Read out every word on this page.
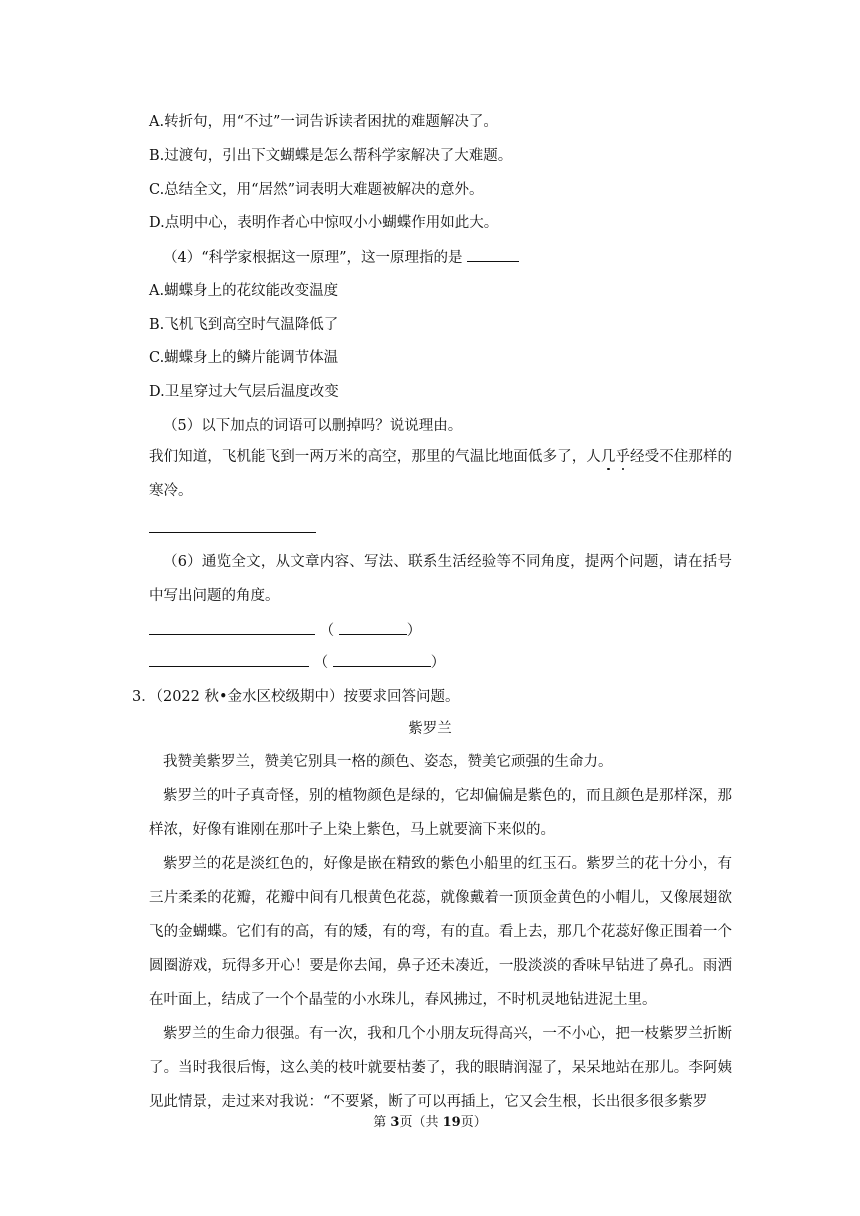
A.转折句，用“不过”一词告诉读者困扰的难题解决了。
B.过渡句，引出下文蝴蝶是怎么帮科学家解决了大难题。
C.总结全文，用“居然”词表明大难题被解决的意外。
D.点明中心，表明作者心中惊叹小小蝴蝶作用如此大。
（4）“科学家根据这一原理”，这一原理指的是
A.蝴蝶身上的花纹能改变温度
B.飞机飞到高空时气温降低了
C.蝴蝶身上的鳞片能调节体温
D.卫星穿过大气层后温度改变
（5）以下加点的词语可以删掉吗？说说理由。
我们知道，飞机能飞到一两万米的高空，那里的气温比地面低多了，人几乎经受不住那样的寒冷。
（6）通览全文，从文章内容、写法、联系生活经验等不同角度，提两个问题，请在括号中写出问题的角度。
（	）
（	）
3．（2022 秋•金水区校级期中）按要求回答问题。
紫罗兰
我赞美紫罗兰，赞美它别具一格的颜色、姿态，赞美它顽强的生命力。
紫罗兰的叶子真奇怪，别的植物颜色是绿的，它却偏偏是紫色的，而且颜色是那样深，那样浓，好像有谁刚在那叶子上染上紫色，马上就要滴下来似的。
紫罗兰的花是淡红色的，好像是嵌在精致的紫色小船里的红玉石。紫罗兰的花十分小，有三片柔柔的花瓣，花瓣中间有几根黄色花蕊，就像戴着一顶顶金黄色的小帽儿，又像展翅欲飞的金蝴蝶。它们有的高，有的矮，有的弯，有的直。看上去，那几个花蕊好像正围着一个圆圈游戏，玩得多开心！要是你去闻，鼻子还未凑近，一股淡淡的香味早钻进了鼻孔。雨洒在叶面上，结成了一个个晶莹的小水珠儿，春风拂过，不时机灵地钻进泥土里。
紫罗兰的生命力很强。有一次，我和几个小朋友玩得高兴，一不小心，把一枝紫罗兰折断了。当时我很后悔，这么美的枝叶就要枯萎了，我的眼睛润湿了，呆呆地站在那儿。李阿姨见此情景，走过来对我说：“不要紧，断了可以再插上，它又会生根，长出很多很多紫罗
第 3页（共 19页）
